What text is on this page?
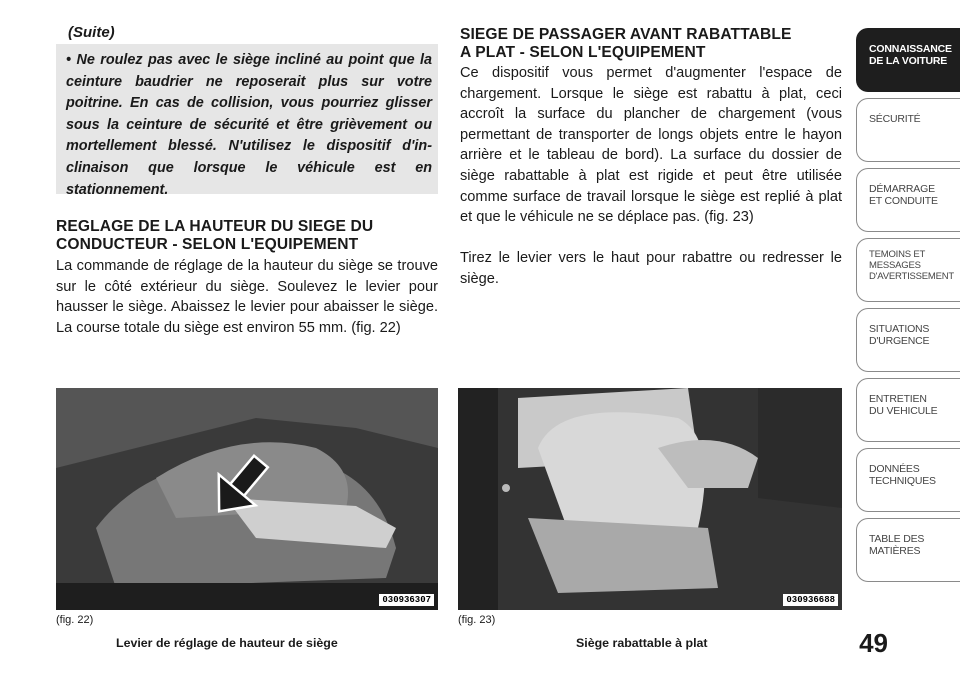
(Suite)

• Ne roulez pas avec le siège incliné au point que la ceinture baudrier ne reposerait plus sur votre poitrine. En cas de collision, vous pourriez glisser sous la ceinture de sécurité et être grièvement ou mortellement blessé. N'utilisez le dispositif d'in-clinaison que lorsque le véhicule est en stationnement.

REGLAGE DE LA HAUTEUR DU SIEGE DU

CONDUCTEUR - SELON L'EQUIPEMENT

La commande de réglage de la hauteur du siège se trouve sur le côté extérieur du siège. Soulevez le levier pour hausser le siège. Abaissez le levier pour abaisser le siège. La course totale du siège est environ 55 mm. (fig. 22)

SIEGE DE PASSAGER AVANT RABATTABLE

A PLAT - SELON L'EQUIPEMENT

Ce dispositif vous permet d'augmenter l'espace de chargement. Lorsque le siège est rabattu à plat, ceci accroît la surface du plancher de chargement (vous permettant de transporter de longs objets entre le hayon arrière et le tableau de bord). La surface du dossier de siège rabattable à plat est rigide et peut être utilisée comme surface de travail lorsque le siège est replié à plat et que le véhicule ne se déplace pas. (fig. 23)

Tirez le levier vers le haut pour rabattre ou redresser le siège.

030936307
(fig. 22)
Levier de réglage de hauteur de siège
030936688
(fig. 23)
Siège rabattable à plat	49
CONNAISSANCE
DE LA VOITURE
SÉCURITÉ
DÉMARRAGE
ET CONDUITE
TEMOINS ET
MESSAGES
D'AVERTISSEMENT
SITUATIONS
D'URGENCE
ENTRETIEN
DU VEHICULE
DONNÉES
TECHNIQUES
TABLE DES
MATIÈRES
